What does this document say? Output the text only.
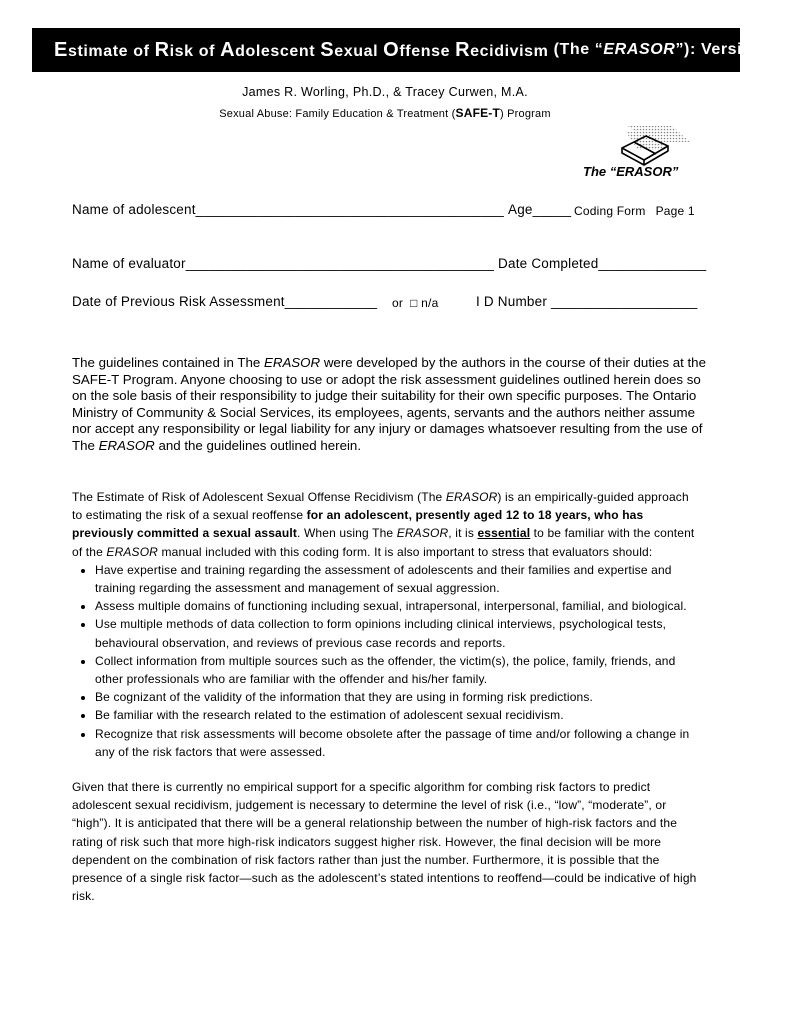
Estimate of
Risk of
Adolescent
Sexual
Offense
Recidivism
(The “ ERASOR ”): Version 2.0
James R. Worling, Ph.D., & Tracey Curwen, M.A.
Sexual Abuse: Family Education & Treatment (SAFE-T) Program
The “ERASOR”
Name of adolescent________________________________________ Age_____ Coding Form Page 1
Name of evaluator________________________________________ Date Completed______________
Date of Previous Risk Assessment____________ or □ n/a	I D Number ___________________
The guidelines contained in The ERASOR were developed by the authors in the course of their duties at the SAFE-T Program. Anyone choosing to use or adopt the risk assessment guidelines outlined herein does so on the sole basis of their responsibility to judge their suitability for their own specific purposes. The Ontario Ministry of Community & Social Services, its employees, agents, servants and the authors neither assume nor accept any responsibility or legal liability for any injury or damages whatsoever resulting from the use of The ERASOR and the guidelines outlined herein.

The Estimate of Risk of Adolescent Sexual Offense Recidivism (The ERASOR) is an empirically-guided approach to estimating the risk of a sexual reoffense for an adolescent, presently aged 12 to 18 years, who has previously committed a sexual assault. When using The ERASOR, it is essential to be familiar with the content of the ERASOR manual included with this coding form. It is also important to stress that evaluators should:

• Have expertise and training regarding the assessment of adolescents and their families and expertise and training regarding the assessment and management of sexual aggression.
• Assess multiple domains of functioning including sexual, intrapersonal, interpersonal, familial, and biological.
• Use multiple methods of data collection to form opinions including clinical interviews, psychological tests, behavioural observation, and reviews of previous case records and reports.
• Collect information from multiple sources such as the offender, the victim(s), the police, family, friends, and other professionals who are familiar with the offender and his/her family.
• Be cognizant of the validity of the information that they are using in forming risk predictions.
• Be familiar with the research related to the estimation of adolescent sexual recidivism.
• Recognize that risk assessments will become obsolete after the passage of time and/or following a change in any of the risk factors that were assessed.

Given that there is currently no empirical support for a specific algorithm for combing risk factors to predict adolescent sexual recidivism, judgement is necessary to determine the level of risk (i.e., “low”, “moderate”, or “high”). It is anticipated that there will be a general relationship between the number of high-risk factors and the rating of risk such that more high-risk indicators suggest higher risk. However, the final decision will be more dependent on the combination of risk factors rather than just the number. Furthermore, it is possible that the presence of a single risk factor—such as the adolescent’s stated intentions to reoffend—could be indicative of high risk.
